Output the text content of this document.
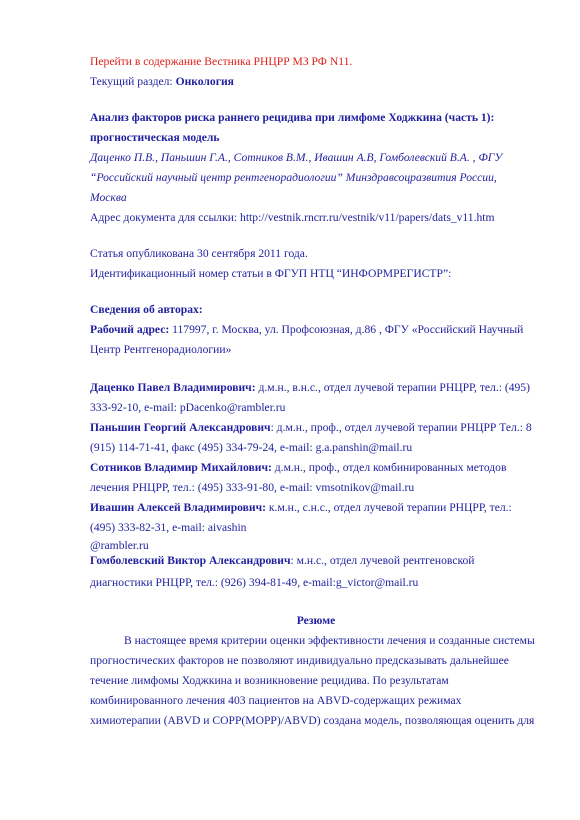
Перейти в содержание Вестника РНЦРР МЗ РФ N11.

Текущий раздел: Онкология

Анализ факторов риска раннего рецидива при лимфоме Ходжкина (часть 1):

прогностическая модель

Даценко П.В., Паньшин Г.А., Сотников В.М., Ивашин А.В, Гомболевский В.А. , ФГУ

“Российский научный центр рентгенорадиологии” Минздравсоцразвития России,

Москва

Адрес документа для ссылки: http://vestnik.rncrr.ru/vestnik/v11/papers/dats_v11.htm

Статья опубликована 30 сентября 2011 года.

Идентификационный номер статьи в ФГУП НТЦ “ИНФОРМРЕГИСТР”:

Сведения об авторах:

Рабочий адрес: 117997, г. Москва, ул. Профсоюзная, д.86 , ФГУ «Российский Научный

Центр Рентгенорадиологии»

Даценко Павел Владимирович: д.м.н., в.н.с., отдел лучевой терапии РНЦРР, тел.: (495)

333-92-10, e-mail: pDacenko@rambler.ru

Паньшин Георгий Александрович: д.м.н., проф., отдел лучевой терапии РНЦРР Тел.: 8

(915) 114-71-41, факс (495) 334-79-24, e-mail: g.a.panshin@mail.ru

Сотников Владимир Михайлович: д.м.н., проф., отдел комбинированных методов

лечения РНЦРР, тел.: (495) 333-91-80, e-mail: vmsotnikov@mail.ru

Ивашин Алексей Владимирович: к.м.н., с.н.с., отдел лучевой терапии РНЦРР, тел.:

(495) 333-82-31, e-mail: aivashin

@rambler.ru

Гомболевский Виктор Александрович: м.н.с., отдел лучевой рентгеновской

диагностики РНЦРР, тел.: (926) 394-81-49, e-mail:g_victor@mail.ru

Резюме

В настоящее время критерии оценки эффективности лечения и созданные системы

прогностических факторов не позволяют индивидуально предсказывать дальнейшее

течение лимфомы Ходжкина и возникновение рецидива. По результатам

комбинированного лечения 403 пациентов на ABVD-содержащих режимах

химиотерапии (ABVD и COPP(MOPP)/ABVD) создана модель, позволяющая оценить для
